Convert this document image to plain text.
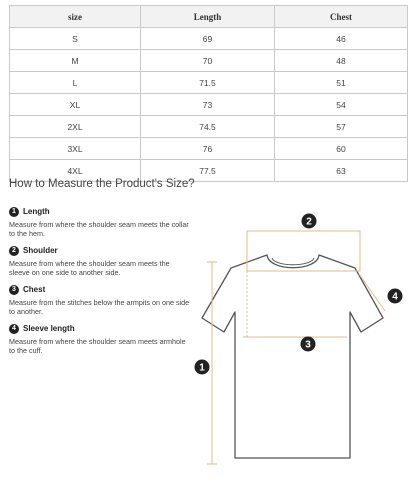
size	Length	Chest
S	69	46
M	70	48
L	71.5	51
XL	73	54
2XL	74.5	57
3XL	76	60
4XL	77.5	63
How to Measure the Product's Size?
1 Length
Measure from where the shoulder seam meets the collar to the hem.
2 Shoulder
Measure from where the shoulder seam meets the sleeve on one side to another side.
3 Chest
Measure from the stitches below the armpits on one side to another.
4 Sleeve length
Measure from where the shoulder seam meets armhole to the cuff.
1
2
3
4
